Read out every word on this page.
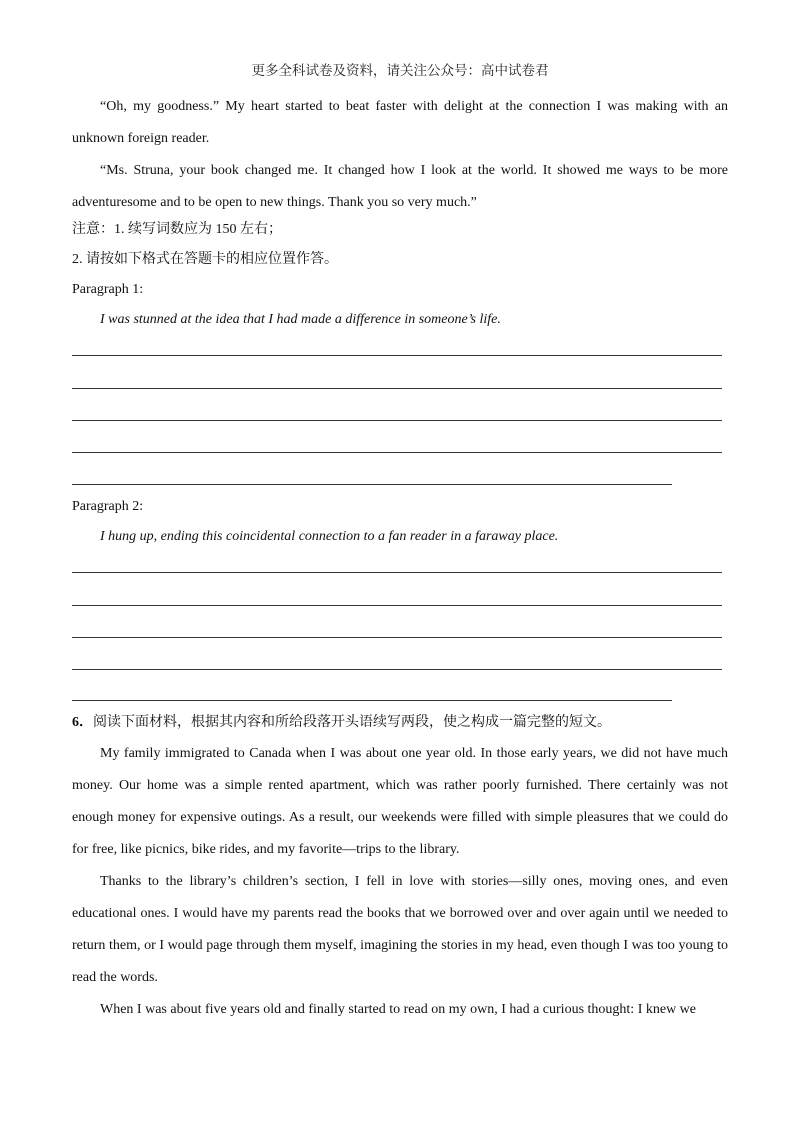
更多全科试卷及资料，请关注公众号：高中试卷君

“Oh, my goodness.” My heart started to beat faster with delight at the connection I was making with an unknown foreign reader.

“Ms. Struna, your book changed me. It changed how I look at the world. It showed me ways to be more adventuresome and to be open to new things. Thank you so very much.”

注意：1. 续写词数应为 150 左右；

2. 请按如下格式在答题卡的相应位置作答。

Paragraph 1:

I was stunned at the idea that I had made a difference in someone’s life.

Paragraph 2:

I hung up, ending this coincidental connection to a fan reader in a faraway place.

6．阅读下面材料，根据其内容和所给段落开头语续写两段，使之构成一篇完整的短文。

My family immigrated to Canada when I was about one year old. In those early years, we did not have much money. Our home was a simple rented apartment, which was rather poorly furnished. There certainly was not enough money for expensive outings. As a result, our weekends were filled with simple pleasures that we could do for free, like picnics, bike rides, and my favorite—trips to the library.

Thanks to the library’s children’s section, I fell in love with stories—silly ones, moving ones, and even educational ones. I would have my parents read the books that we borrowed over and over again until we needed to return them, or I would page through them myself, imagining the stories in my head, even though I was too young to read the words.

When I was about five years old and finally started to read on my own, I had a curious thought: I knew we
